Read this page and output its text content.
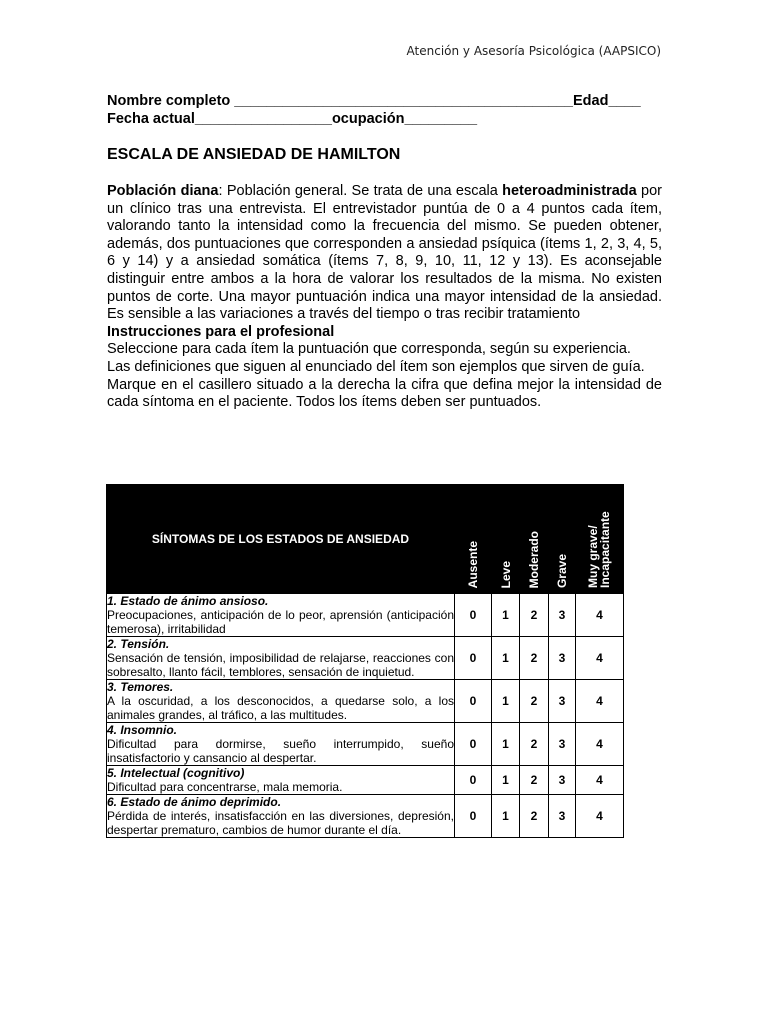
Atención y Asesoría Psicológica (AAPSICO)
Nombre completo __________________________________________Edad____
Fecha actual_________________ocupación_________
ESCALA DE ANSIEDAD DE HAMILTON

Población diana: Población general. Se trata de una escala heteroadministrada por un clínico tras una entrevista. El entrevistador puntúa de 0 a 4 puntos cada ítem, valorando tanto la intensidad como la frecuencia del mismo. Se pueden obtener, además, dos puntuaciones que corresponden a ansiedad psíquica (ítems 1, 2, 3, 4, 5, 6 y 14) y a ansiedad somática (ítems 7, 8, 9, 10, 11, 12 y 13). Es aconsejable distinguir entre ambos a la hora de valorar los resultados de la misma. No existen puntos de corte. Una mayor puntuación indica una mayor intensidad de la ansiedad. Es sensible a las variaciones a través del tiempo o tras recibir tratamiento

Instrucciones para el profesional

Seleccione para cada ítem la puntuación que corresponda, según su experiencia.

Las definiciones que siguen al enunciado del ítem son ejemplos que sirven de guía.

Marque en el casillero situado a la derecha la cifra que defina mejor la intensidad de cada síntoma en el paciente. Todos los ítems deben ser puntuados.

SÍNTOMAS DE LOS ESTADOS DE ANSIEDAD	Ausente	Leve	Moderado	Grave	Muy grave/ Incapacitante

1. Estado de ánimo ansioso.
Preocupaciones, anticipación de lo peor, aprensión (anticipación temerosa), irritabilidad	0	1	2	3	4
2. Tensión.
Sensación de tensión, imposibilidad de relajarse, reacciones con sobresalto, llanto fácil, temblores, sensación de inquietud.	0	1	2	3	4
3. Temores.
A la oscuridad, a los desconocidos, a quedarse solo, a los animales grandes, al tráfico, a las multitudes.	0	1	2	3	4
4. Insomnio.
Dificultad para dormirse, sueño interrumpido, sueño insatisfactorio y cansancio al despertar.	0	1	2	3	4
5. Intelectual (cognitivo)
Dificultad para concentrarse, mala memoria.	0	1	2	3	4
6. Estado de ánimo deprimido.
Pérdida de interés, insatisfacción en las diversiones, depresión, despertar prematuro, cambios de humor durante el día.	0	1	2	3	4
